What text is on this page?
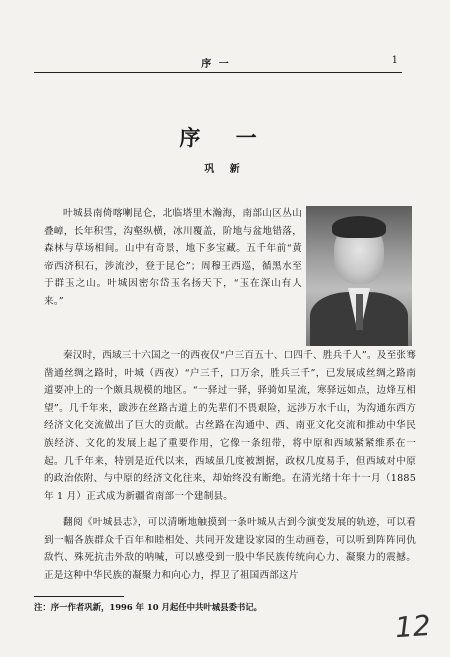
序 一	1
序 一
巩 新

叶城县南倚喀喇昆仑，北临塔里木瀚海，南部山区丛山叠嶂，长年积雪，沟壑纵横，冰川覆盖，阶地与盆地错落，森林与草场相间。山中有奇景，地下多宝藏。五千年前“黄帝西济积石，涉流沙，登于昆仑”；周穆王西巡，循黑水至于群玉之山。叶城因密尔岱玉名扬天下，“玉在深山有人来。”

秦汉时，西域三十六国之一的西夜仅“户三百五十、口四千、胜兵千人”。及至张骞凿通丝绸之路时，叶城（西夜）“户三千，口万余，胜兵三千”，已发展成丝绸之路南道要冲上的一个颇具规模的地区。“一驿过一驿，驿骑如星流，寒驿远如点，边烽互相望”。几千年来，跋涉在丝路古道上的先辈们不畏艰险，远涉万水千山，为沟通东西方经济文化交流做出了巨大的贡献。古丝路在沟通中、西、南亚文化交流和推动中华民族经济、文化的发展上起了重要作用，它像一条纽带，将中原和西域紧紧维系在一起。几千年来，特别是近代以来，西域虽几度被割据，政权几度易手，但西域对中原的政治依附、与中原的经济文化往来，却始终没有断绝。在清光绪十年十一月（1885 年 1 月）正式成为新疆省南部一个建制县。

翻阅《叶城县志》，可以清晰地触摸到一条叶城从古到今演变发展的轨迹，可以看到一幅各族群众千百年和睦相处、共同开发建设家园的生动画卷，可以听到阵阵同仇敌忾、殊死抗击外敌的呐喊，可以感受到一股中华民族传统向心力、凝聚力的震撼。正是这种中华民族的凝聚力和向心力，捍卫了祖国西部这片

注：序一作者巩新，1996 年 10 月起任中共叶城县委书记。
12
